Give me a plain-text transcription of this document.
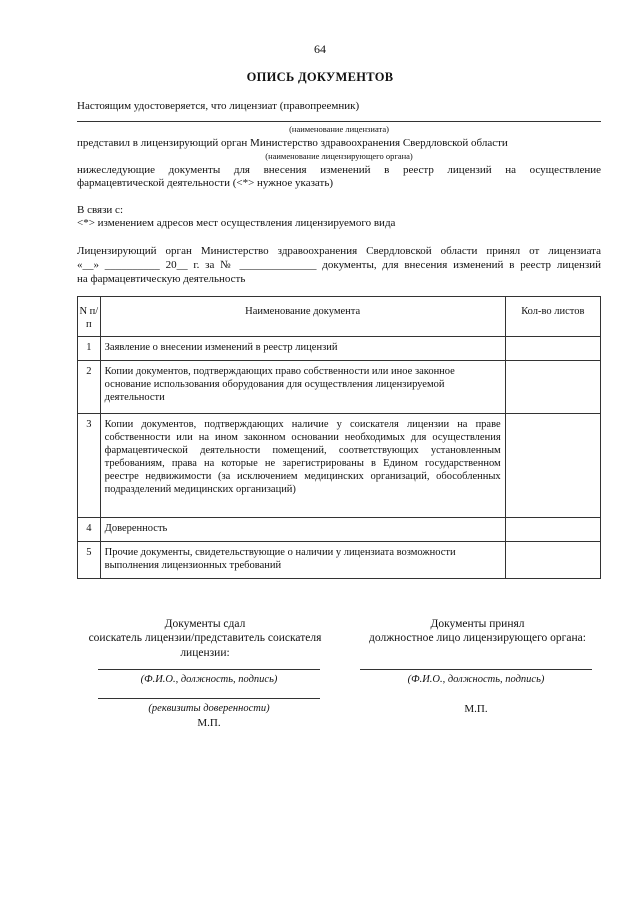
64
ОПИСЬ ДОКУМЕНТОВ
Настоящим удостоверяется, что лицензиат (правопреемник)
(наименование лицензиата)
представил в лицензирующий орган Министерство здравоохранения Свердловской области
(наименование лицензирующего органа)
нижеследующие документы для внесения изменений в реестр лицензий на осуществление
фармацевтической деятельности (<*> нужное указать)
В связи с:
<*> изменением адресов мест осуществления лицензируемого вида
Лицензирующий орган Министерство здравоохранения Свердловской области принял от лицензиата
«__» __________ 20__ г. за № ______________ документы, для внесения изменений в реестр лицензий
на фармацевтическую деятельность
N п/п	Наименование документа	Кол-во листов
1	Заявление о внесении изменений в реестр лицензий	
2	Копии документов, подтверждающих право собственности или иное законное основание использования оборудования для осуществления лицензируемой деятельности	
3	Копии документов, подтверждающих наличие у соискателя лицензии на праве собственности или на ином законном основании необходимых для осуществления фармацевтической деятельности помещений, соответствующих установленным требованиям, права на которые не зарегистрированы в Едином государственном реестре недвижимости (за исключением медицинских организаций, обособленных подразделений медицинских организаций)	
4	Доверенность	
5	Прочие документы, свидетельствующие о наличии у лицензиата возможности выполнения лицензионных требований	
Документы сдал
соискатель лицензии/представитель соискателя лицензии:
(Ф.И.О., должность, подпись)
(реквизиты доверенности)
М.П.
Документы принял
должностное лицо лицензирующего органа:
(Ф.И.О., должность, подпись)
М.П.
